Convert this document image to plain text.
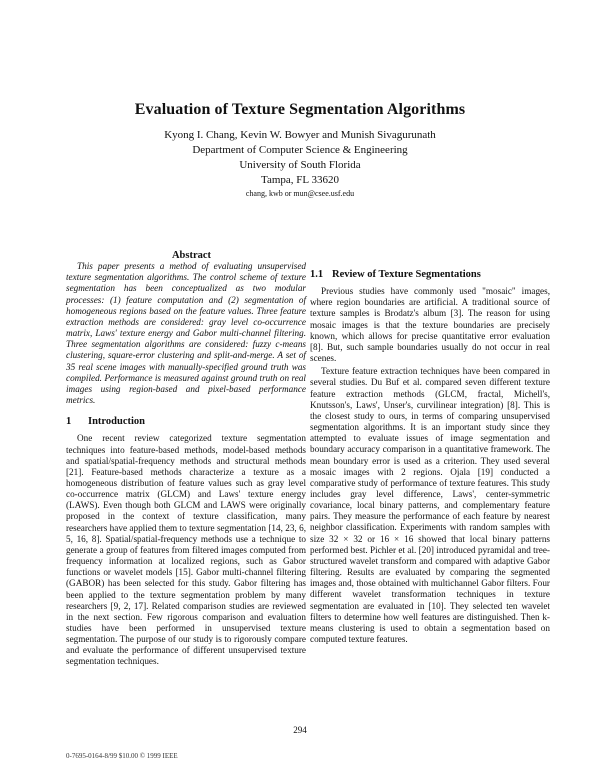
Evaluation of Texture Segmentation Algorithms
Kyong I. Chang, Kevin W. Bowyer and Munish Sivagurunath
Department of Computer Science & Engineering
University of South Florida
Tampa, FL 33620
chang, kwb or mun@csee.usf.edu

Abstract

This paper presents a method of evaluating unsupervised texture segmentation algorithms. The control scheme of texture segmentation has been conceptualized as two modular processes: (1) feature computation and (2) segmentation of homogeneous regions based on the feature values. Three feature extraction methods are considered: gray level co-occurrence matrix, Laws' texture energy and Gabor multi-channel filtering. Three segmentation algorithms are considered: fuzzy c-means clustering, square-error clustering and split-and-merge. A set of 35 real scene images with manually-specified ground truth was compiled. Performance is measured against ground truth on real images using region-based and pixel-based performance metrics.

1 Introduction

One recent review categorized texture segmentation techniques into feature-based methods, model-based methods and spatial/spatial-frequency methods and structural methods [21]. Feature-based methods characterize a texture as a homogeneous distribution of feature values such as gray level co-occurrence matrix (GLCM) and Laws' texture energy (LAWS). Even though both GLCM and LAWS were originally proposed in the context of texture classification, many researchers have applied them to texture segmentation [14, 23, 6, 5, 16, 8]. Spatial/spatial-frequency methods use a technique to generate a group of features from filtered images computed from frequency information at localized regions, such as Gabor functions or wavelet models [15]. Gabor multi-channel filtering (GABOR) has been selected for this study. Gabor filtering has been applied to the texture segmentation problem by many researchers [9, 2, 17]. Related comparison studies are reviewed in the next section. Few rigorous comparison and evaluation studies have been performed in unsupervised texture segmentation. The purpose of our study is to rigorously compare and evaluate the performance of different unsupervised texture segmentation techniques.

1.1 Review of Texture Segmentations

Previous studies have commonly used "mosaic" images, where region boundaries are artificial. A traditional source of texture samples is Brodatz's album [3]. The reason for using mosaic images is that the texture boundaries are precisely known, which allows for precise quantitative error evaluation [8]. But, such sample boundaries usually do not occur in real scenes.

Texture feature extraction techniques have been compared in several studies. Du Buf et al. compared seven different texture feature extraction methods (GLCM, fractal, Michell's, Knutsson's, Laws', Unser's, curvilinear integration) [8]. This is the closest study to ours, in terms of comparing unsupervised segmentation algorithms. It is an important study since they attempted to evaluate issues of image segmentation and boundary accuracy comparison in a quantitative framework. The mean boundary error is used as a criterion. They used several mosaic images with 2 regions. Ojala [19] conducted a comparative study of performance of texture features. This study includes gray level difference, Laws', center-symmetric covariance, local binary patterns, and complementary feature pairs. They measure the performance of each feature by nearest neighbor classification. Experiments with random samples with size 32 × 32 or 16 × 16 showed that local binary patterns performed best. Pichler et al. [20] introduced pyramidal and tree-structured wavelet transform and compared with adaptive Gabor filtering. Results are evaluated by comparing the segmented images and, those obtained with multichannel Gabor filters. Four different wavelet transformation techniques in texture segmentation are evaluated in [10]. They selected ten wavelet filters to determine how well features are distinguished. Then k-means clustering is used to obtain a segmentation based on computed texture features.

294
0-7695-0164-8/99 $10.00 © 1999 IEEE
